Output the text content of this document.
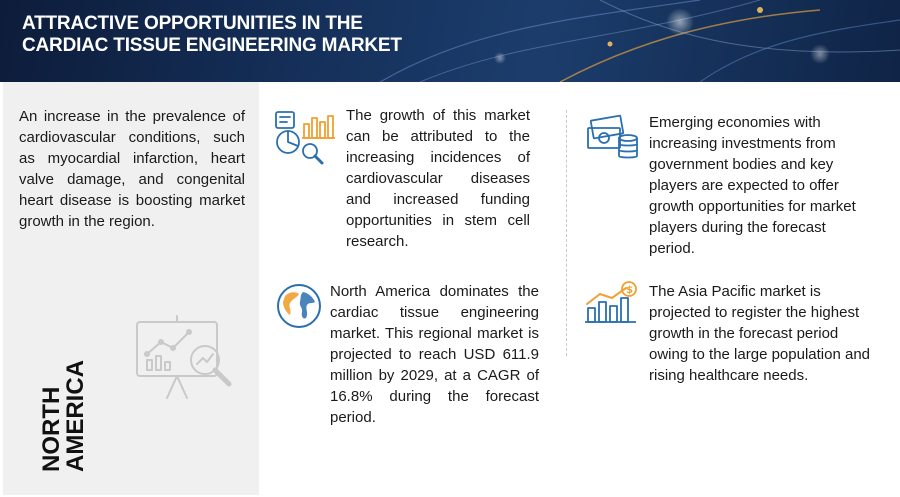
ATTRACTIVE OPPORTUNITIES IN THE
CARDIAC TISSUE ENGINEERING MARKET
An increase in the prevalence of cardiovascular conditions, such as myocardial infarction, heart valve damage, and congenital heart disease is boosting market growth in the region.
NORTH
AMERICA
The growth of this market can be attributed to the increasing incidences of cardiovascular diseases and increased funding opportunities in stem cell research.
North America dominates the cardiac tissue engineering market. This regional market is projected to reach USD 611.9 million by 2029, at a CAGR of 16.8% during the forecast period.
Emerging economies with increasing investments from government bodies and key players are expected to offer growth opportunities for market players during the forecast period.
$ The Asia Pacific market is projected to register the highest growth in the forecast period owing to the large population and rising healthcare needs.
